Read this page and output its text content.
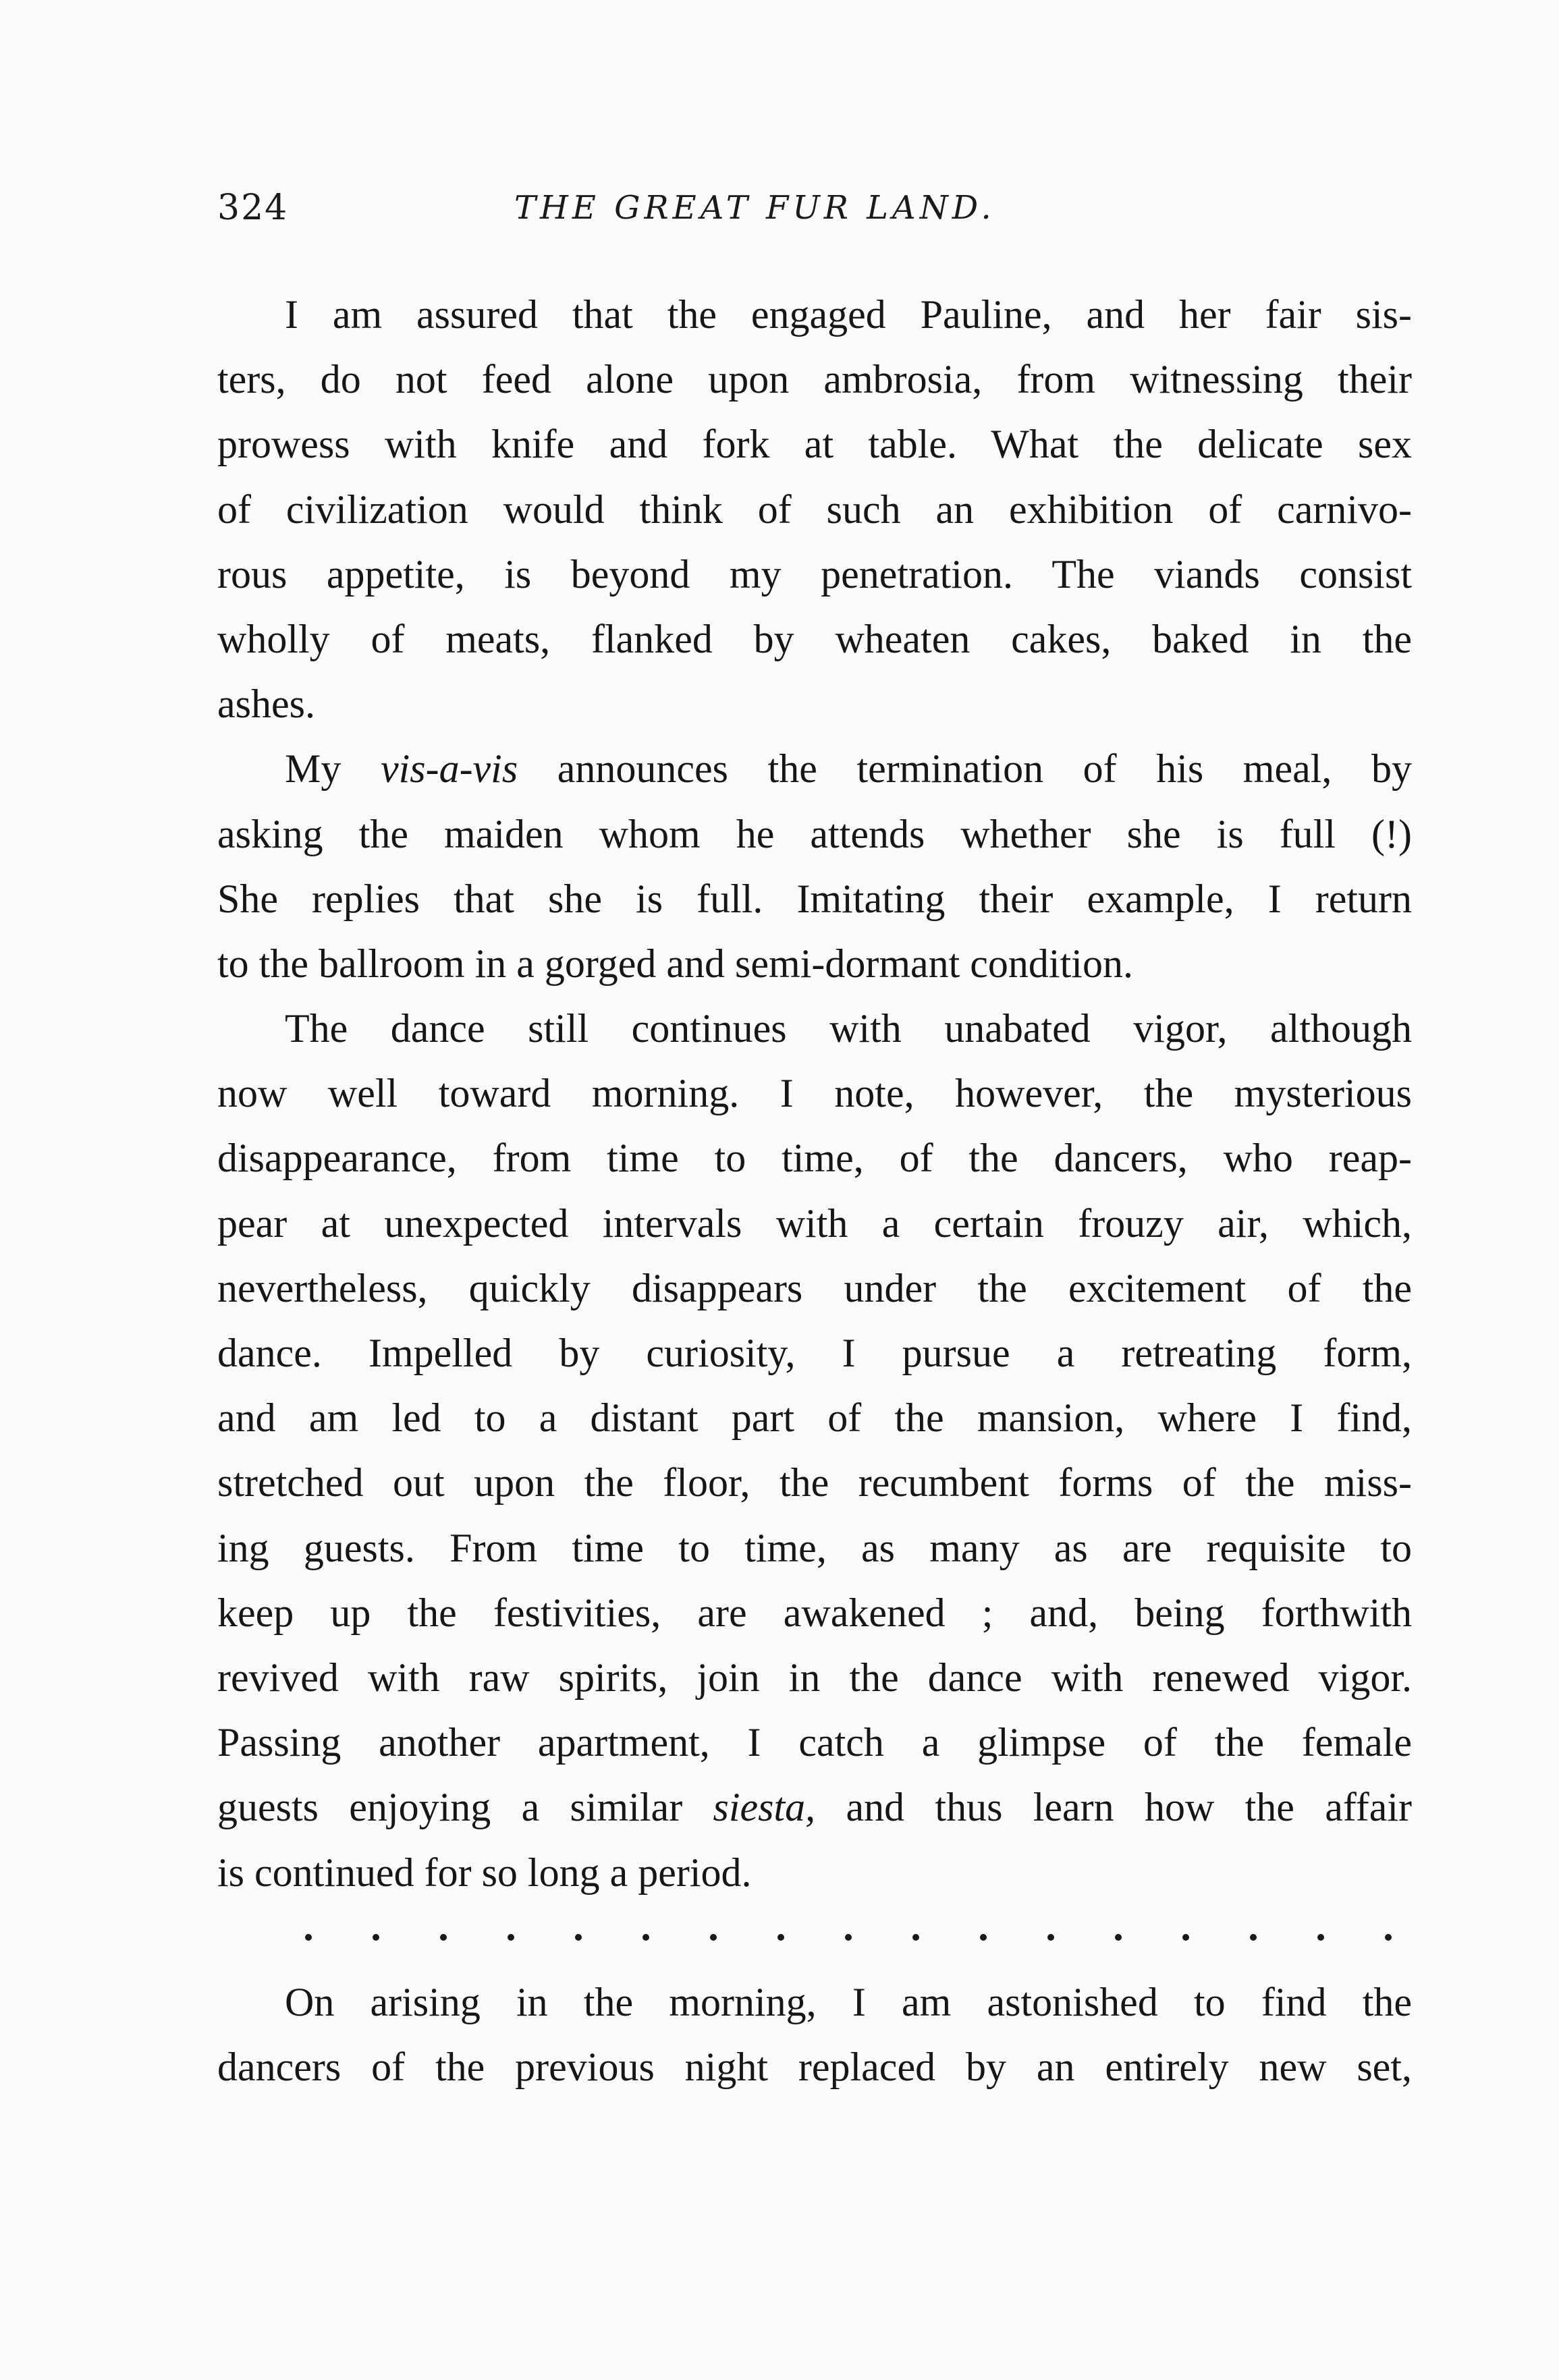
324	THE GREAT FUR LAND.
I am assured that the engaged Pauline, and her fair sis-
ters, do not feed alone upon ambrosia, from witnessing their
prowess with knife and fork at table. What the delicate sex
of civilization would think of such an exhibition of carnivo-
rous appetite, is beyond my penetration. The viands consist
wholly of meats, flanked by wheaten cakes, baked in the
ashes.
My vis-a-vis announces the termination of his meal, by
asking the maiden whom he attends whether she is full (!)
She replies that she is full. Imitating their example, I return
to the ballroom in a gorged and semi-dormant condition.
The dance still continues with unabated vigor, although
now well toward morning. I note, however, the mysterious
disappearance, from time to time, of the dancers, who reap-
pear at unexpected intervals with a certain frouzy air, which,
nevertheless, quickly disappears under the excitement of the
dance. Impelled by curiosity, I pursue a retreating form,
and am led to a distant part of the mansion, where I find,
stretched out upon the floor, the recumbent forms of the miss-
ing guests. From time to time, as many as are requisite to
keep up the festivities, are awakened ; and, being forthwith
revived with raw spirits, join in the dance with renewed vigor.
Passing another apartment, I catch a glimpse of the female
guests enjoying a similar siesta, and thus learn how the affair
is continued for so long a period.
On arising in the morning, I am astonished to find the
dancers of the previous night replaced by an entirely new set,
